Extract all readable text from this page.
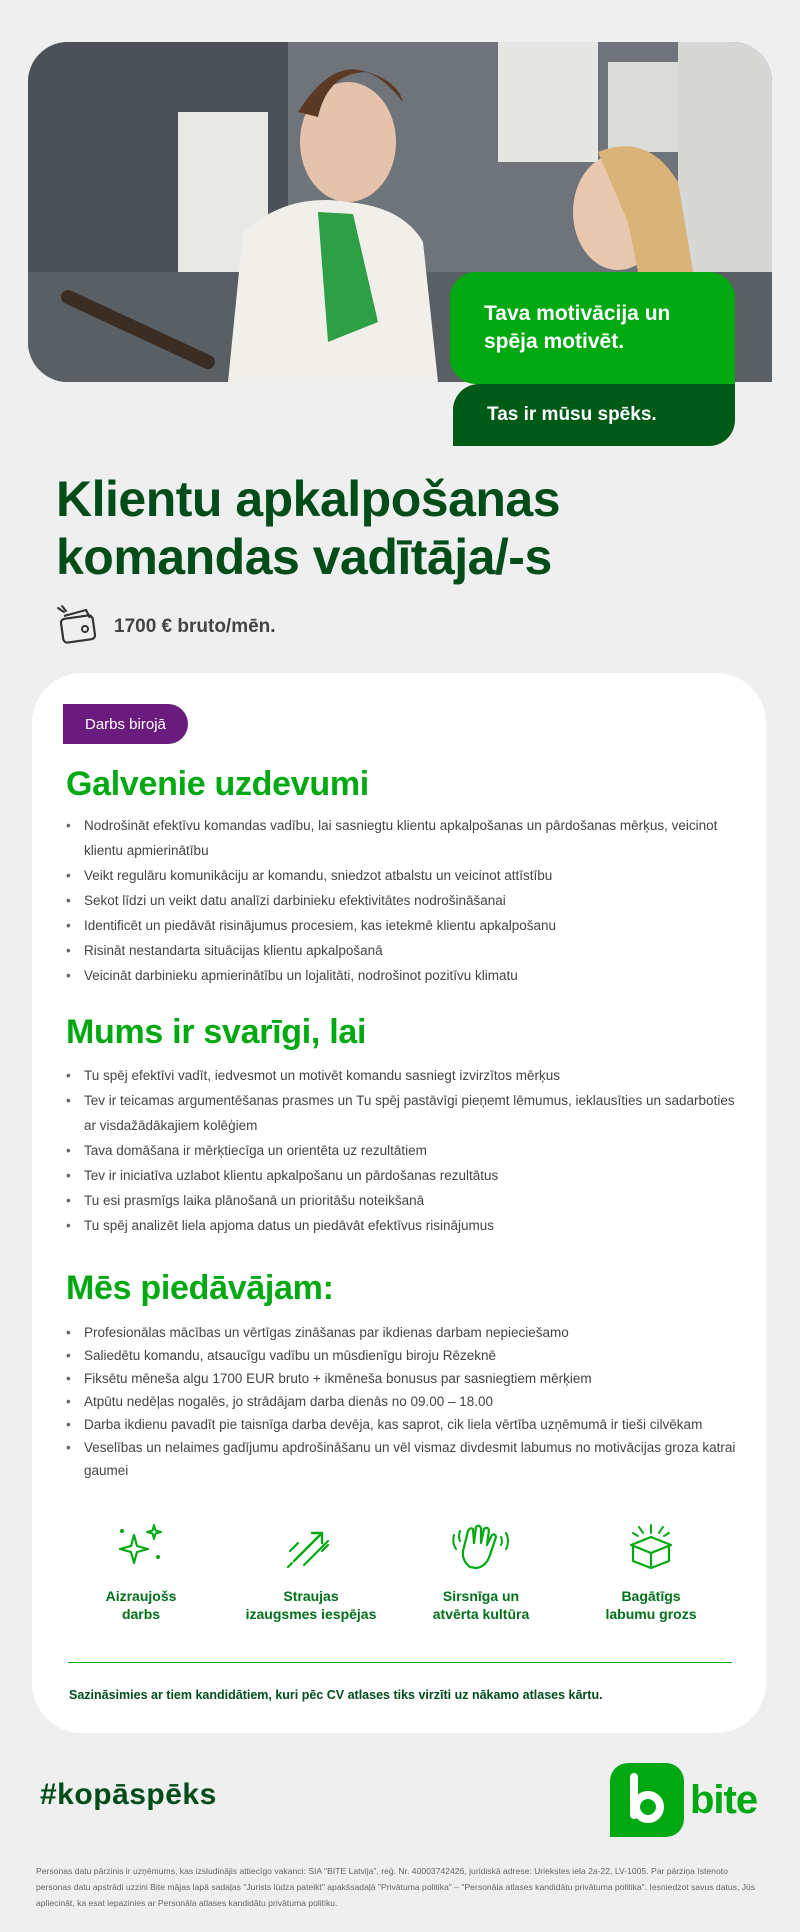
Tava motivācija un spēja motivēt.
Tas ir mūsu spēks.
Klientu apkalpošanas komandas vadītāja/-s
1700 € bruto/mēn.
Darbs birojā
Galvenie uzdevumi
• Nodrošināt efektīvu komandas vadību, lai sasniegtu klientu apkalpošanas un pārdošanas mērķus, veicinot klientu apmierinātību
• Veikt regulāru komunikāciju ar komandu, sniedzot atbalstu un veicinot attīstību
• Sekot līdzi un veikt datu analīzi darbinieku efektivitātes nodrošināšanai
• Identificēt un piedāvāt risinājumus procesiem, kas ietekmē klientu apkalpošanu
• Risināt nestandarta situācijas klientu apkalpošanā
• Veicināt darbinieku apmierinātību un lojalitāti, nodrošinot pozitīvu klimatu
Mums ir svarīgi, lai
• Tu spēj efektīvi vadīt, iedvesmot un motivēt komandu sasniegt izvirzītos mērķus
• Tev ir teicamas argumentēšanas prasmes un Tu spēj pastāvīgi pieņemt lēmumus, ieklausīties un sadarboties ar visdažādākajiem kolēģiem
• Tava domāšana ir mērķtiecīga un orientēta uz rezultātiem
• Tev ir iniciatīva uzlabot klientu apkalpošanu un pārdošanas rezultātus
• Tu esi prasmīgs laika plānošanā un prioritāšu noteikšanā
• Tu spēj analizēt liela apjoma datus un piedāvāt efektīvus risinājumus
Mēs piedāvājam:
• Profesionālas mācības un vērtīgas zināšanas par ikdienas darbam nepieciešamo
• Saliedētu komandu, atsaucīgu vadību un mūsdienīgu biroju Rēzeknē
• Fiksētu mēneša algu 1700 EUR bruto + ikmēneša bonusus par sasniegtiem mērķiem
• Atpūtu nedēļas nogalēs, jo strādājam darba dienās no 09.00 – 18.00
• Darba ikdienu pavadīt pie taisnīga darba devēja, kas saprot, cik liela vērtība uzņēmumā ir tieši cilvēkam
• Veselības un nelaimes gadījumu apdrošināšanu un vēl vismaz divdesmit labumus no motivācijas groza katrai gaumei
Aizraujošs
darbs
Straujas
izaugsmes iespējas
Sirsnīga un
atvērta kultūra
Bagātīgs
labumu grozs

Sazināsimies ar tiem kandidātiem, kuri pēc CV atlases tiks virzīti uz nākamo atlases kārtu.

#kopāspēks	bite

Personas datu pārzinis ir uzņēmums, kas izsludinājis attiecīgo vakanci: SIA "BITE Latvija", reģ. Nr. 40003742426, juridiskā adrese: Uriekstes iela 2a-22, LV-1005. Par pārziņa īstenoto personas datu apstrādi uzzini Bite mājas lapā sadaļas "Jurists lūdza pateikt" apakšsadaļā "Privātuma politika" – "Personāla atlases kandidātu privātuma politika". Iesniedzot savus datus, Jūs apliecināt, ka esat iepazinies ar Personāla atlases kandidātu privātuma politiku.
